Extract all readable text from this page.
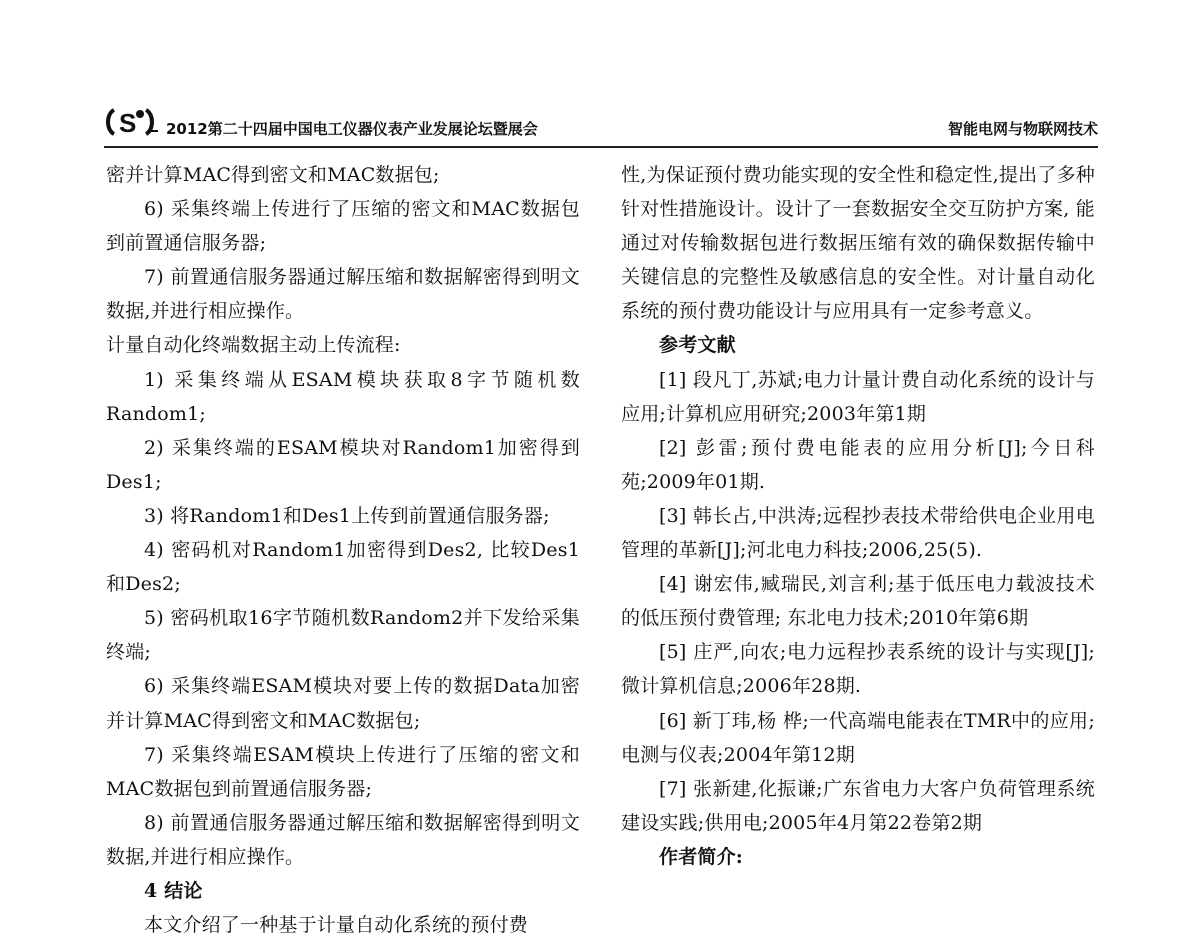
S 2012第二十四届中国电工仪器仪表产业发展论坛暨展会	智能电网与物联网技术

密并计算MAC得到密文和MAC数据包;

6) 采集终端上传进行了压缩的密文和MAC数据包到前置通信服务器;

7) 前置通信服务器通过解压缩和数据解密得到明文数据,并进行相应操作。

计量自动化终端数据主动上传流程:

1) 采集终端从ESAM模块获取8字节随机数Random1;

2) 采集终端的ESAM模块对Random1加密得到Des1;

3) 将Random1和Des1上传到前置通信服务器;

4) 密码机对Random1加密得到Des2, 比较Des1和Des2;

5) 密码机取16字节随机数Random2并下发给采集终端;

6) 采集终端ESAM模块对要上传的数据Data加密并计算MAC得到密文和MAC数据包;

7) 采集终端ESAM模块上传进行了压缩的密文和MAC数据包到前置通信服务器;

8) 前置通信服务器通过解压缩和数据解密得到明文数据,并进行相应操作。

4 结论

本文介绍了一种基于计量自动化系统的预付费

性,为保证预付费功能实现的安全性和稳定性,提出了多种针对性措施设计。设计了一套数据安全交互防护方案, 能通过对传输数据包进行数据压缩有效的确保数据传输中关键信息的完整性及敏感信息的安全性。对计量自动化系统的预付费功能设计与应用具有一定参考意义。

参考文献

[1] 段凡丁,苏斌;电力计量计费自动化系统的设计与应用;计算机应用研究;2003年第1期

[2] 彭雷;预付费电能表的应用分析[J];今日科苑;2009年01期.

[3] 韩长占,中洪涛;远程抄表技术带给供电企业用电管理的革新[J];河北电力科技;2006,25(5).

[4] 谢宏伟,臧瑞民,刘言利;基于低压电力载波技术的低压预付费管理; 东北电力技术;2010年第6期

[5] 庄严,向农;电力远程抄表系统的设计与实现[J];微计算机信息;2006年28期.

[6] 新丁玮,杨 桦;一代高端电能表在TMR中的应用;电测与仪表;2004年第12期

[7] 张新建,化振谦;广东省电力大客户负荷管理系统建设实践;供用电;2005年4月第22卷第2期

作者简介:
